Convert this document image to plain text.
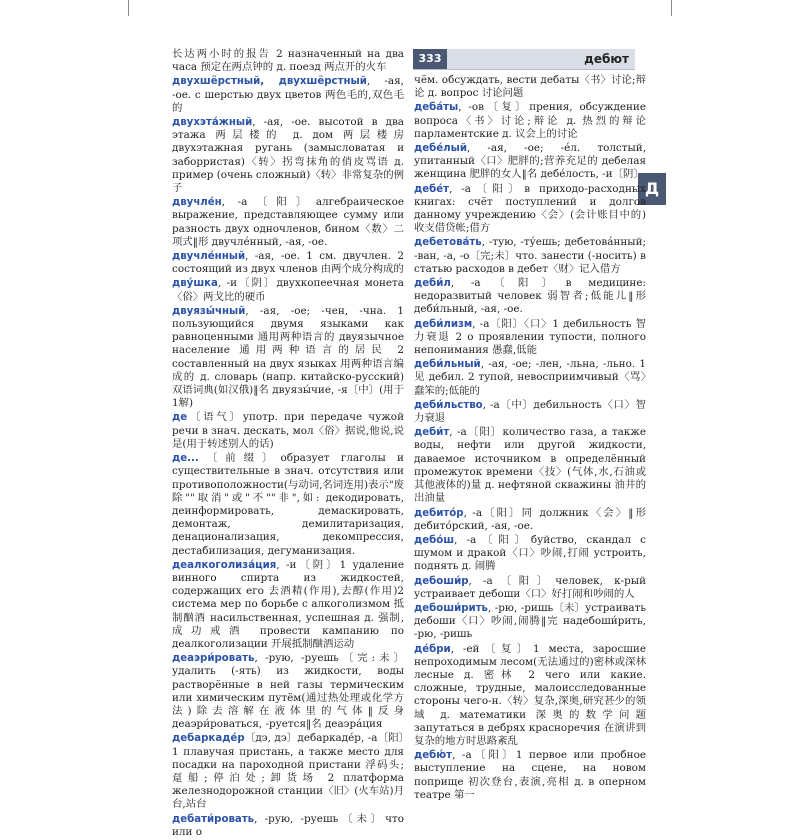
333	дебют
Д
长达两小时的报告 2 назначенный на два часа 预定在两点钟的 д. поезд 两点开的火车
двухшёрстный, двухшёрстный, -ая, -ое. с шерстью двух цветов 两色毛的,双色毛的
двухэта́жный, -ая, -ое. высотой в два этажа 两层楼的 д. дом 两层楼房 двухэтажная ругань (замысловатая и заборристая)〈转〉拐弯抹角的俏皮骂语 д. пример (очень сложный)〈转〉非常复杂的例子
двучле́н, -а〔阳〕алгебраическое выражение, представляющее сумму или разность двух одночленов, бином〈数〉二项式‖形 двучле́нный, -ая, -ое.
двучле́нный, -ая, -ое. 1 см. двучлен. 2 состоящий из двух членов 由两个成分构成的
дву́шка, -и〔阴〕двухкопеечная монета〈俗〉两戈比的硬币
двуязы́чный, -ая, -ое; -чен, -чна. 1 пользующийся двумя языками как равноценными 通用两种语言的 двуязычное население 通用两种语言的居民 2 составленный на двух языках 用两种语言编成的 д. словарь (напр. китайско-русский) 双语词典(如汉俄)‖名 двуязы́чие, -я〔中〕(用于1解)
де〔语气〕употр. при передаче чужой речи в знач. дескать, мол〈俗〉据说,他说,说是(用于转述别人的话)
де...〔前缀〕образует глаголы и существительные в знач. отсутствия или противоположности(与动词,名词连用)表示"废除""取消"或"不""非",如: декодировать, деинформировать, демаскировать, демонтаж, демилитаризация, денационализация, декомпрессия, дестабилизация, дегуманизация.
деалкоголиза́ция, -и〔阴〕1 удаление винного спирта из жидкостей, содержащих его 去酒精(作用),去醇(作用)2 система мер по борьбе с алкоголизмом 抵制酗酒 насильственная, успешная д. 强制,成功戒酒 провести кампанию по деалкоголизации 开展抵制酗酒运动
деаэри́ровать, -рую, -руешь〔完:未〕удалить (-ять) из жидкости, воды растворённые в ней газы термическим или химическим путём(通过热处理或化学方法)除去溶解在液体里的气体‖反身 деаэри́роваться, -руется‖名 деаэра́ция
дебаркаде́р〔дэ, дэ〕дебаркаде́р, -а〔阳〕1 плавучая пристань, а также место для посадки на пароходной пристани 浮码头;趸船;停泊处;卸货场 2 платформа железнодорожной станции〈旧〉(火车站)月台,站台
дебати́ровать, -рую, -руешь〔未〕что или о
чём. обсуждать, вести дебаты〈书〉讨论;辩论 д. вопрос 讨论问题
деба́ты, -ов〔复〕прения, обсуждение вопроса〈书〉讨论;辩论 д. 热烈的辩论 парламентские д. 议会上的讨论
дебе́лый, -ая, -ое; -е́л. толстый, упитанный〈口〉肥胖的;营养充足的 дебелая женщина 肥胖的女人‖名 дебе́лость, -и〔阴〕
дебе́т, -а〔阳〕в приходо-расходных книгах: счёт поступлений и долгов данному учреждению〈会〉(会计账目中的)收支借贷帐;借方
дебетова́ть, -тую, -ту́ешь; дебетова́нный; -ван, -а, -о〔完;未〕что. занести (-носить) в статью расходов в дебет〈财〉记入借方
деби́л, -а〔阳〕в медицине: недоразвитый человек 弱智者;低能儿‖形 деби́льный, -ая, -ое.
деби́лизм, -а〔阳〕〈口〉1 дебильность 智力衰退 2 о проявлении тупости, полного непонимания 愚蠢,低能
деби́льный, -ая, -ое; -лен, -льна, -льно. 1 见 дебил. 2 тупой, невосприимчивый〈骂〉蠢笨的;低能的
деби́льство, -а〔中〕дебильность〈口〉智力衰退
деби́т, -а〔阳〕количество газа, а также воды, нефти или другой жидкости, даваемое источником в определённый промежуток времени〈技〉(气体,水,石油或其他液体的)量 д. нефтяной скважины 油井的出油量
дебито́р, -а〔阳〕同 должник〈会〉‖形 дебито́рский, -ая, -ое.
дебо́ш, -а〔阳〕буйство, скандал с шумом и дракой〈口〉吵闹,打闹 устроить, поднять д. 闹腾
дебоши́р, -а〔阳〕человек, к-рый устраивает дебоши〈口〉好打闹和吵闹的人
дебоши́рить, -рю, -ришь〔未〕устраивать дебоши〈口〉吵闹,闹腾‖完 надебоши́рить, -рю, -ришь
де́бри, -ей〔复〕1 места, заросшие непроходимым лесом(无法通过的)密林或深林 лесные д. 密林 2 чего или какие. сложные, трудные, малоисследованные стороны чего-н.〈转〉复杂,深奥,研究甚少的领域 д. математики 深奥的数学问题 запутаться в дебрях красноречия 在演讲到复杂的地方时思路紊乱
дебю́т, -а〔阳〕1 первое или пробное выступление на сцене, на новом поприще 初次登台,表演,亮相 д. в оперном театре 第一
